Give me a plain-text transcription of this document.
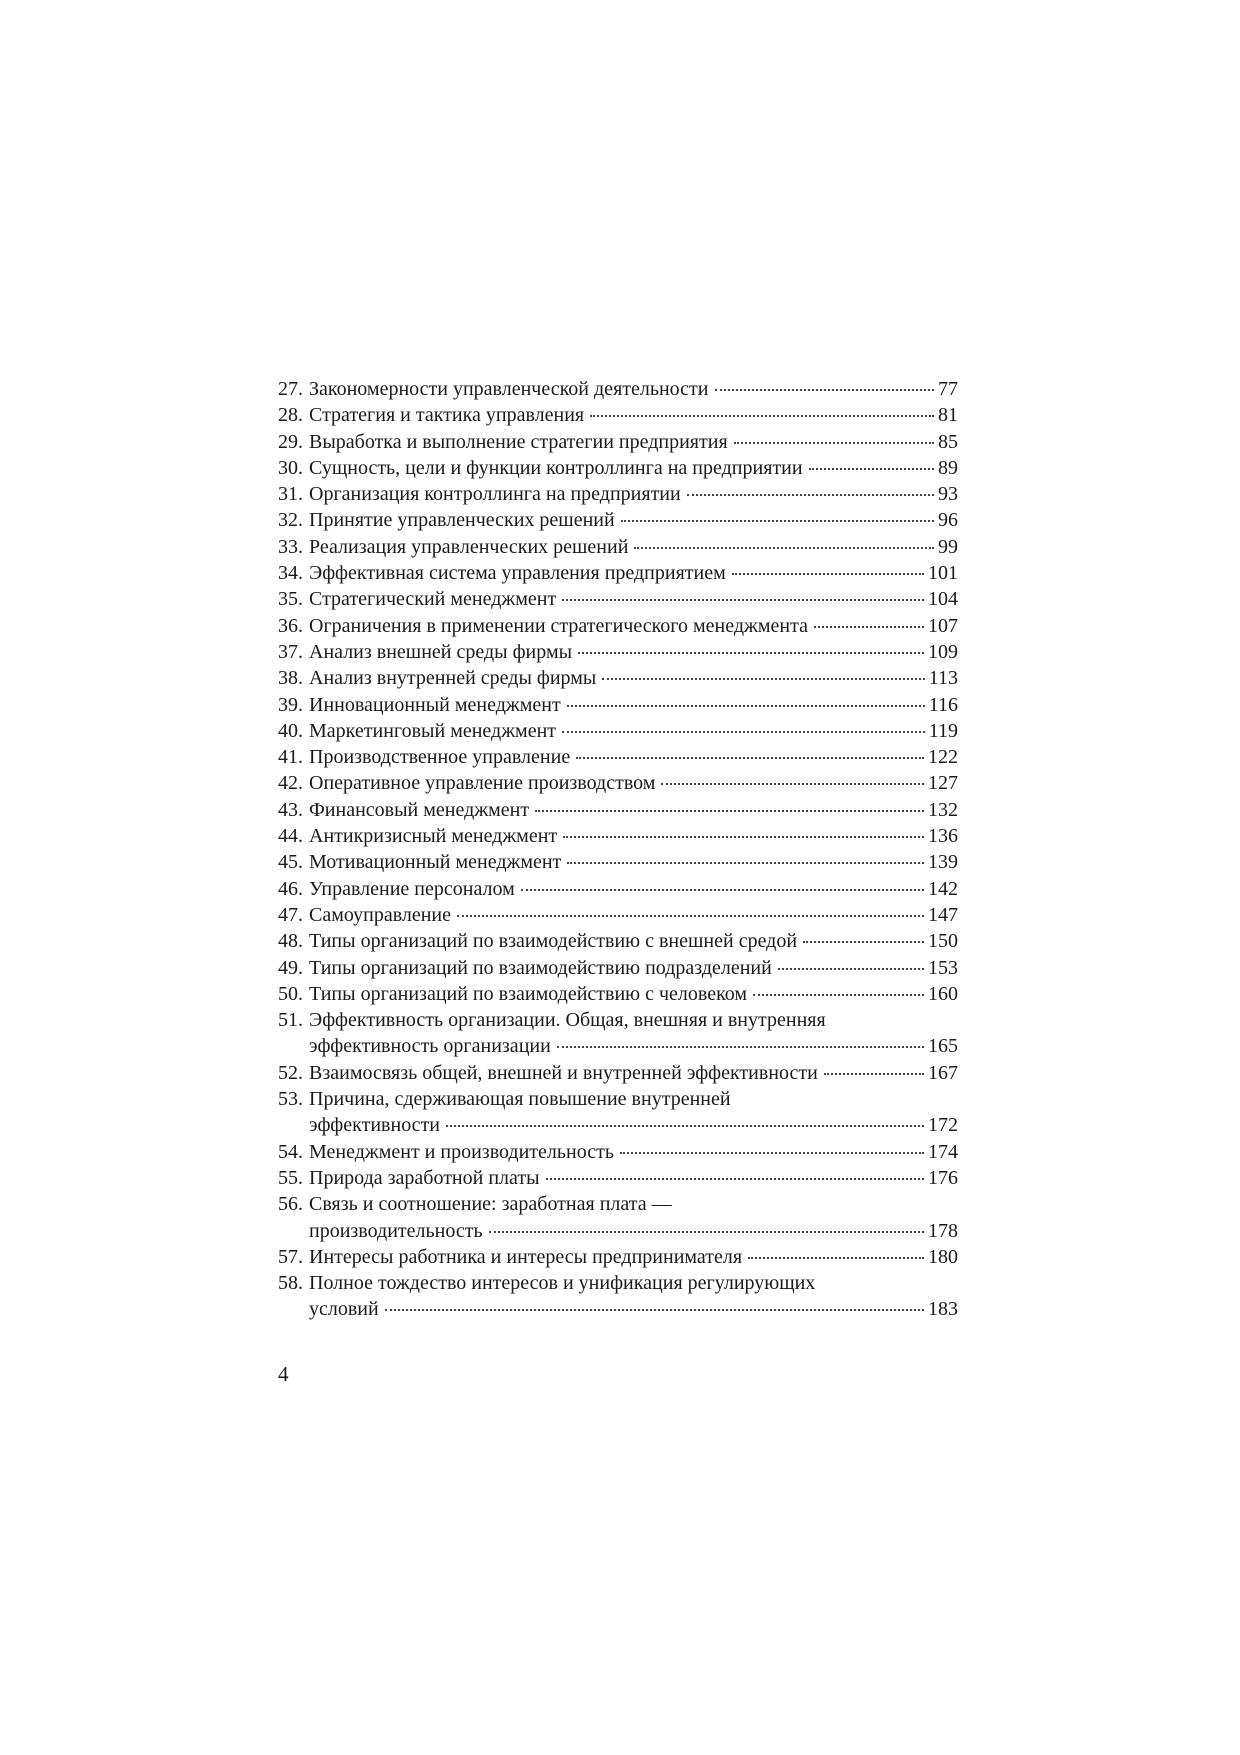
27. Закономерности управленческой деятельности	77
28. Стратегия и тактика управления	81
29. Выработка и выполнение стратегии предприятия	85
30. Сущность, цели и функции контроллинга на предприятии	89
31. Организация контроллинга на предприятии	93
32. Принятие управленческих решений	96
33. Реализация управленческих решений	99
34. Эффективная система управления предприятием	101
35. Стратегический менеджмент	104
36. Ограничения в применении стратегического менеджмента	107
37. Анализ внешней среды фирмы	109
38. Анализ внутренней среды фирмы	113
39. Инновационный менеджмент	116
40. Маркетинговый менеджмент	119
41. Производственное управление	122
42. Оперативное управление производством	127
43. Финансовый менеджмент	132
44. Антикризисный менеджмент	136
45. Мотивационный менеджмент	139
46. Управление персоналом	142
47. Самоуправление	147
48. Типы организаций по взаимодействию с внешней средой	150
49. Типы организаций по взаимодействию подразделений	153
50. Типы организаций по взаимодействию с человеком	160
51. Эффективность организации. Общая, внешняя и внутренняя
эффективность организации	165
52. Взаимосвязь общей, внешней и внутренней эффективности	167
53. Причина, сдерживающая повышение внутренней
эффективности	172
54. Менеджмент и производительность	174
55. Природа заработной платы	176
56. Связь и соотношение: заработная плата —
производительность	178
57. Интересы работника и интересы предпринимателя	180
58. Полное тождество интересов и унификация регулирующих
условий	183
4
